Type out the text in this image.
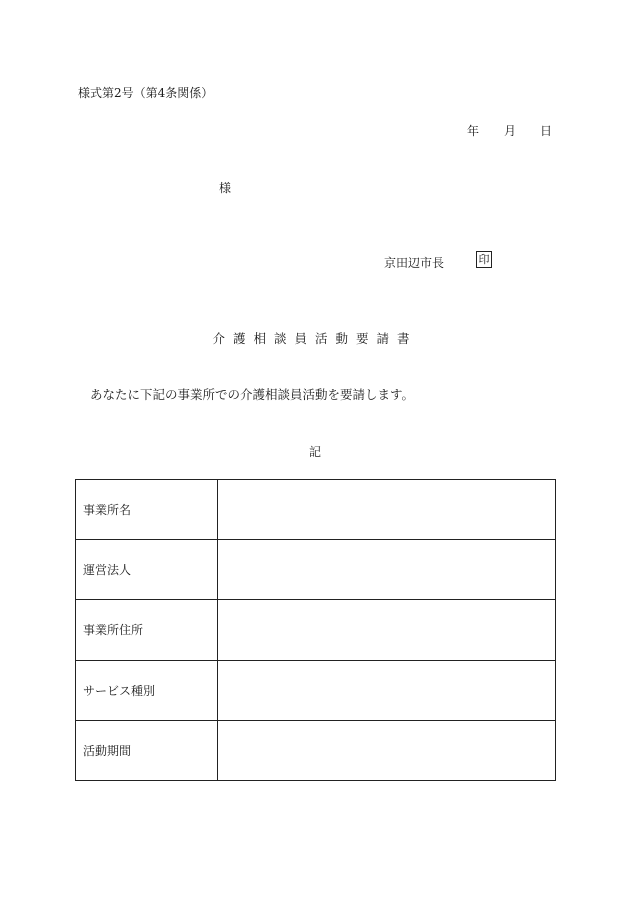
様式第2号（第4条関係）
年 月 日
様
京田辺市長	印
介護相談員活動要請書
あなたに下記の事業所での介護相談員活動を要請します。
記
事業所名	
運営法人	
事業所住所	
サービス種別	
活動期間	
